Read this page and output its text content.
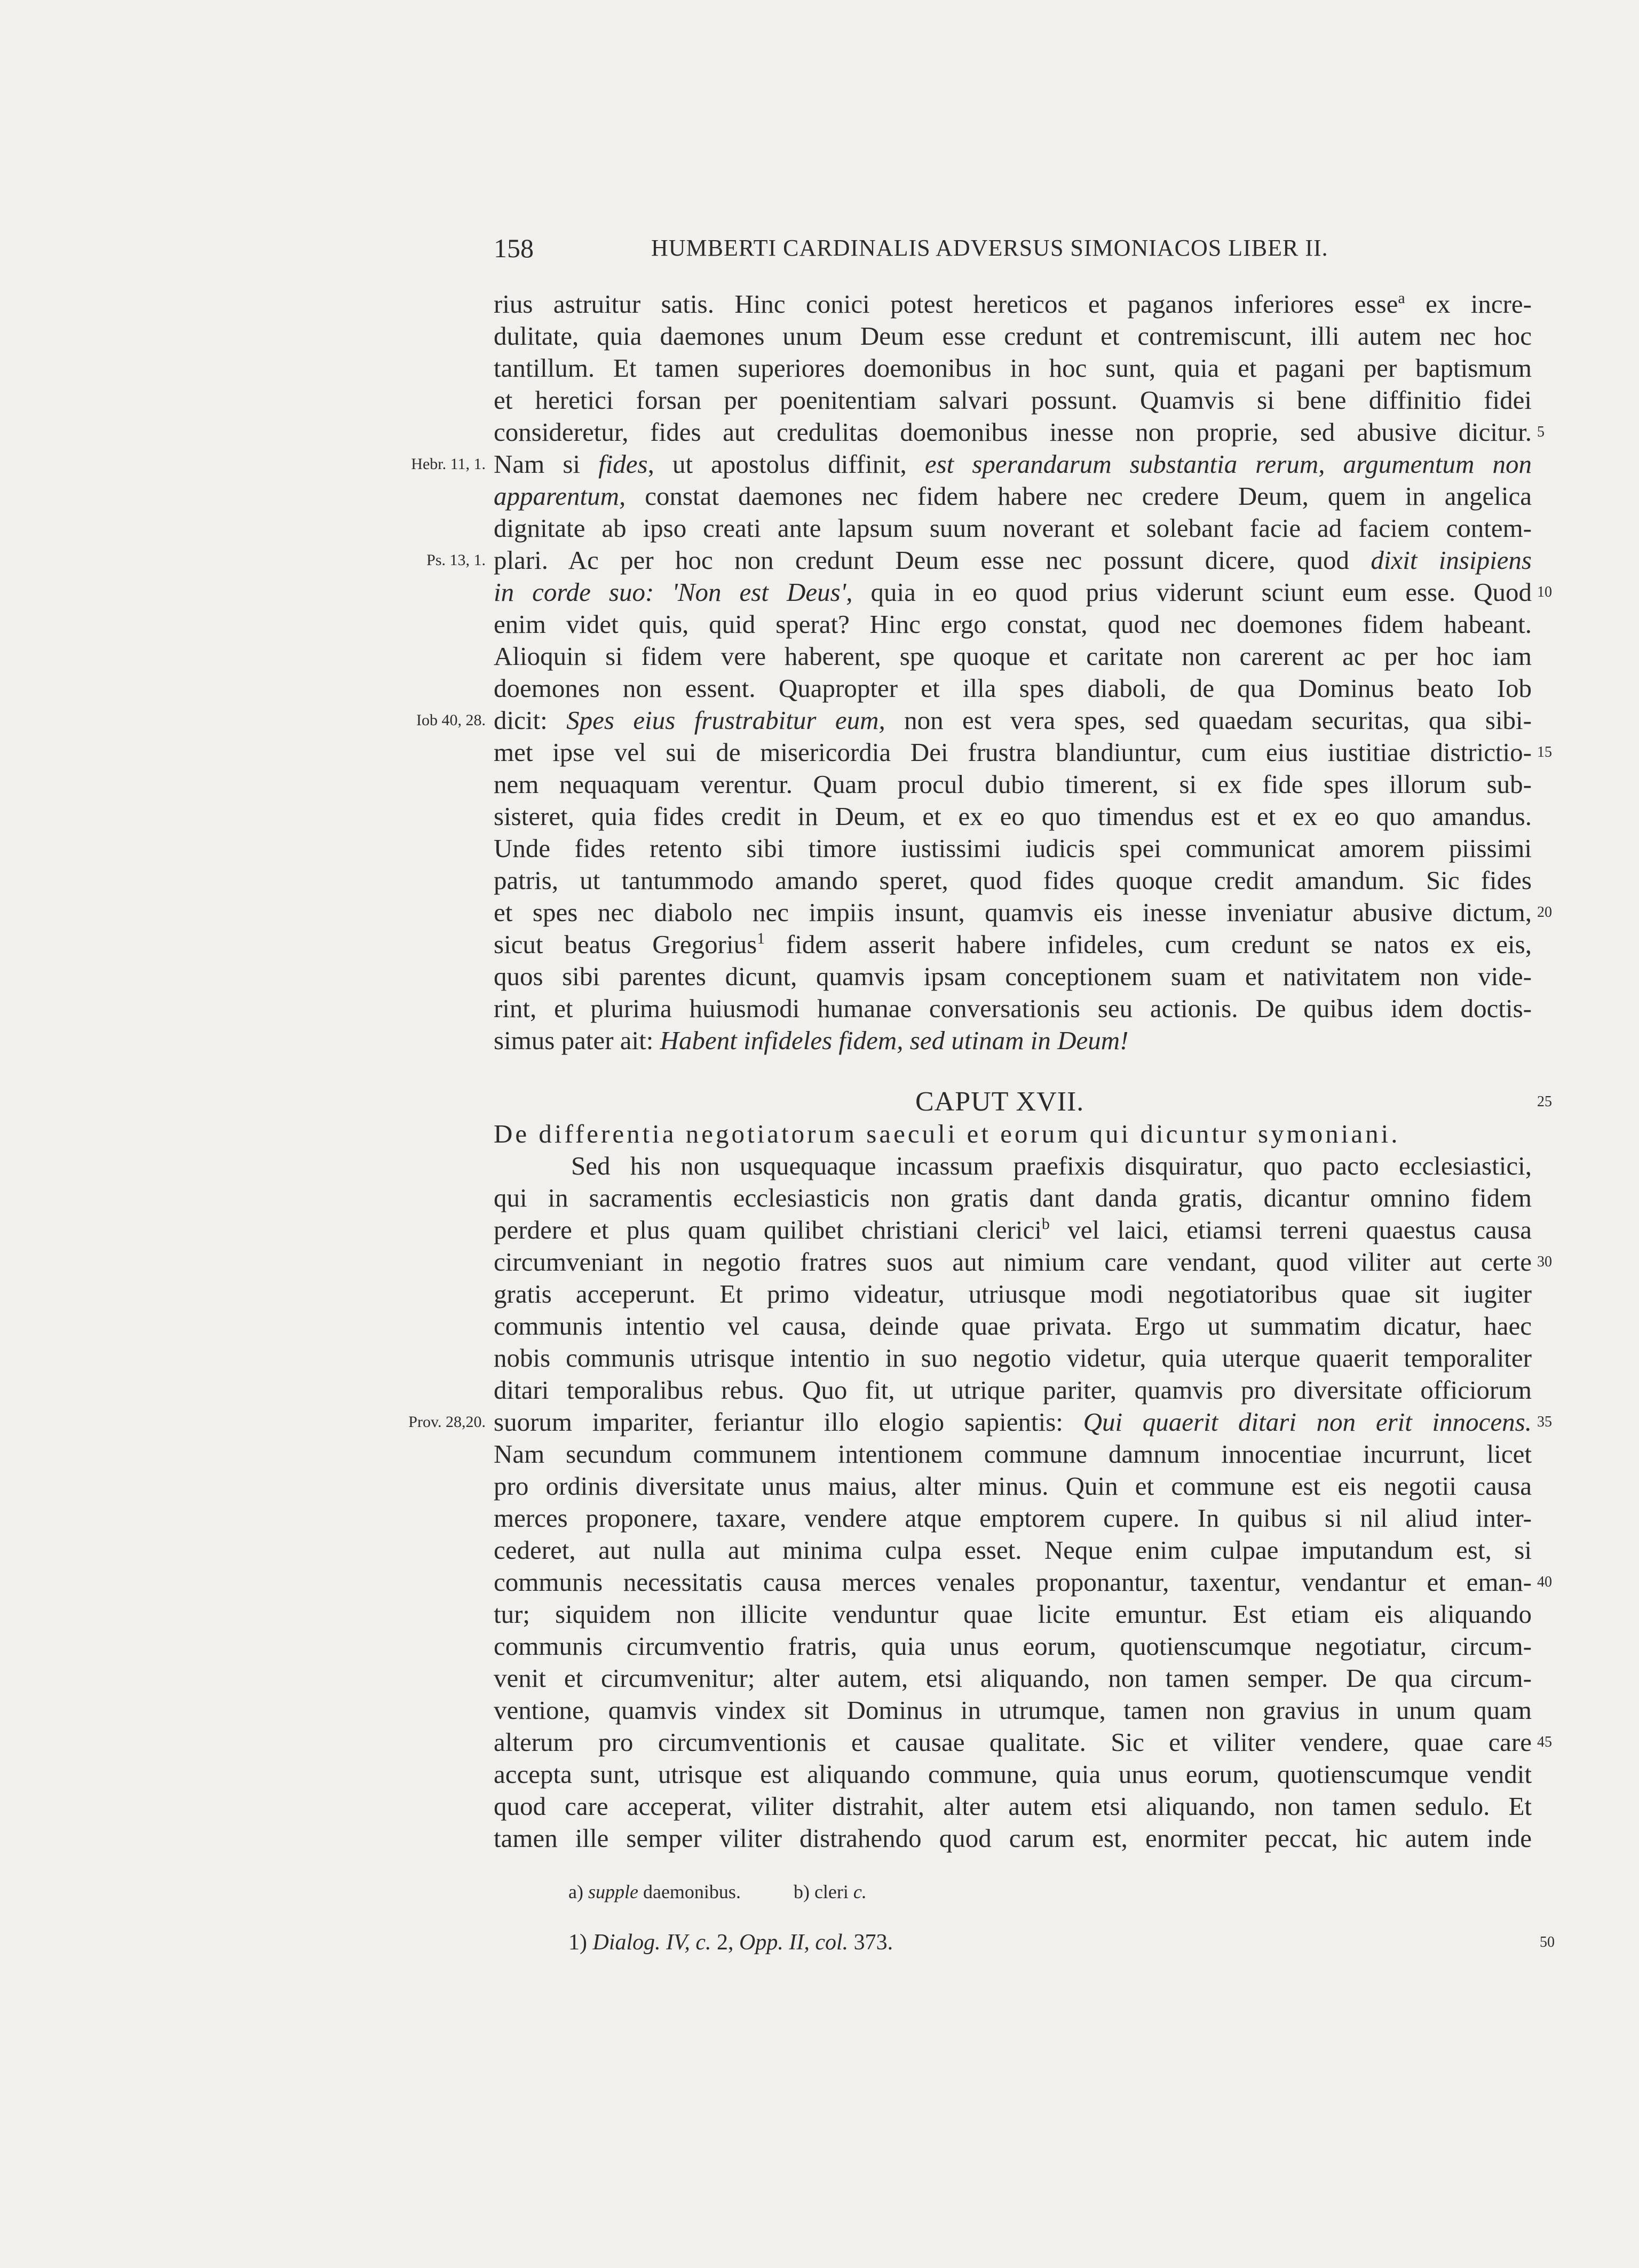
158	HUMBERTI CARDINALIS ADVERSUS SIMONIACOS LIBER II.
rius astruitur satis. Hinc conici potest hereticos et paganos inferiores esse$^a$ ex incre-
dulitate, quia daemones unum Deum esse credunt et contremiscunt, illi autem nec hoc
tantillum. Et tamen superiores doemonibus in hoc sunt, quia et pagani per baptismum
et heretici forsan per poenitentiam salvari possunt. Quamvis si bene diffinitio fidei
consideretur, fides aut credulitas doemonibus inesse non proprie, sed abusive dicitur.
Nam si fides, ut apostolus diffinit, est sperandarum substantia rerum, argumentum non
apparentum, constat daemones nec fidem habere nec credere Deum, quem in angelica
dignitate ab ipso creati ante lapsum suum noverant et solebant facie ad faciem contem-
plari. Ac per hoc non credunt Deum esse nec possunt dicere, quod dixit insipiens
in corde suo: 'Non est Deus', quia in eo quod prius viderunt sciunt eum esse. Quod
enim videt quis, quid sperat? Hinc ergo constat, quod nec doemones fidem habeant.
Alioquin si fidem vere haberent, spe quoque et caritate non carerent ac per hoc iam
doemones non essent. Quapropter et illa spes diaboli, de qua Dominus beato Iob
dicit: Spes eius frustrabitur eum, non est vera spes, sed quaedam securitas, qua sibi-
met ipse vel sui de misericordia Dei frustra blandiuntur, cum eius iustitiae districtio-
nem nequaquam verentur. Quam procul dubio timerent, si ex fide spes illorum sub-
sisteret, quia fides credit in Deum, et ex eo quo timendus est et ex eo quo amandus.
Unde fides retento sibi timore iustissimi iudicis spei communicat amorem piissimi
patris, ut tantummodo amando speret, quod fides quoque credit amandum. Sic fides
et spes nec diabolo nec impiis insunt, quamvis eis inesse inveniatur abusive dictum,
sicut beatus Gregorius$^1$ fidem asserit habere infideles, cum credunt se natos ex eis,
quos sibi parentes dicunt, quamvis ipsam conceptionem suam et nativitatem non vide-
rint, et plurima huiusmodi humanae conversationis seu actionis. De quibus idem doctis-
simus pater ait: Habent infideles fidem, sed utinam in Deum!
CAPUT XVII.
De differentia negotiatorum saeculi et eorum qui dicuntur symoniani.
Sed his non usquequaque incassum praefixis disquiratur, quo pacto ecclesiastici,
qui in sacramentis ecclesiasticis non gratis dant danda gratis, dicantur omnino fidem
perdere et plus quam quilibet christiani clerici$^b$ vel laici, etiamsi terreni quaestus causa
circumveniant in negotio fratres suos aut nimium care vendant, quod viliter aut certe
gratis acceperunt. Et primo videatur, utriusque modi negotiatoribus quae sit iugiter
communis intentio vel causa, deinde quae privata. Ergo ut summatim dicatur, haec
nobis communis utrisque intentio in suo negotio videtur, quia uterque quaerit temporaliter
ditari temporalibus rebus. Quo fit, ut utrique pariter, quamvis pro diversitate officiorum
suorum impariter, feriantur illo elogio sapientis: Qui quaerit ditari non erit innocens.
Nam secundum communem intentionem commune damnum innocentiae incurrunt, licet
pro ordinis diversitate unus maius, alter minus. Quin et commune est eis negotii causa
merces proponere, taxare, vendere atque emptorem cupere. In quibus si nil aliud inter-
cederet, aut nulla aut minima culpa esset. Neque enim culpae imputandum est, si
communis necessitatis causa merces venales proponantur, taxentur, vendantur et eman-
tur; siquidem non illicite venduntur quae licite emuntur. Est etiam eis aliquando
communis circumventio fratris, quia unus eorum, quotienscumque negotiatur, circum-
venit et circumvenitur; alter autem, etsi aliquando, non tamen semper. De qua circum-
ventione, quamvis vindex sit Dominus in utrumque, tamen non gravius in unum quam
alterum pro circumventionis et causae qualitate. Sic et viliter vendere, quae care
accepta sunt, utrisque est aliquando commune, quia unus eorum, quotienscumque vendit
quod care acceperat, viliter distrahit, alter autem etsi aliquando, non tamen sedulo. Et
tamen ille semper viliter distrahendo quod carum est, enormiter peccat, hic autem inde
Hebr. 11, 1.
Ps. 13, 1.
Iob 40, 28.
Prov. 28,20.
5
10
15
20
25
30
35
40
45
a) supple daemonibus.	b) cleri c.
1) Dialog. IV, c. 2, Opp. II, col. 373.	50
